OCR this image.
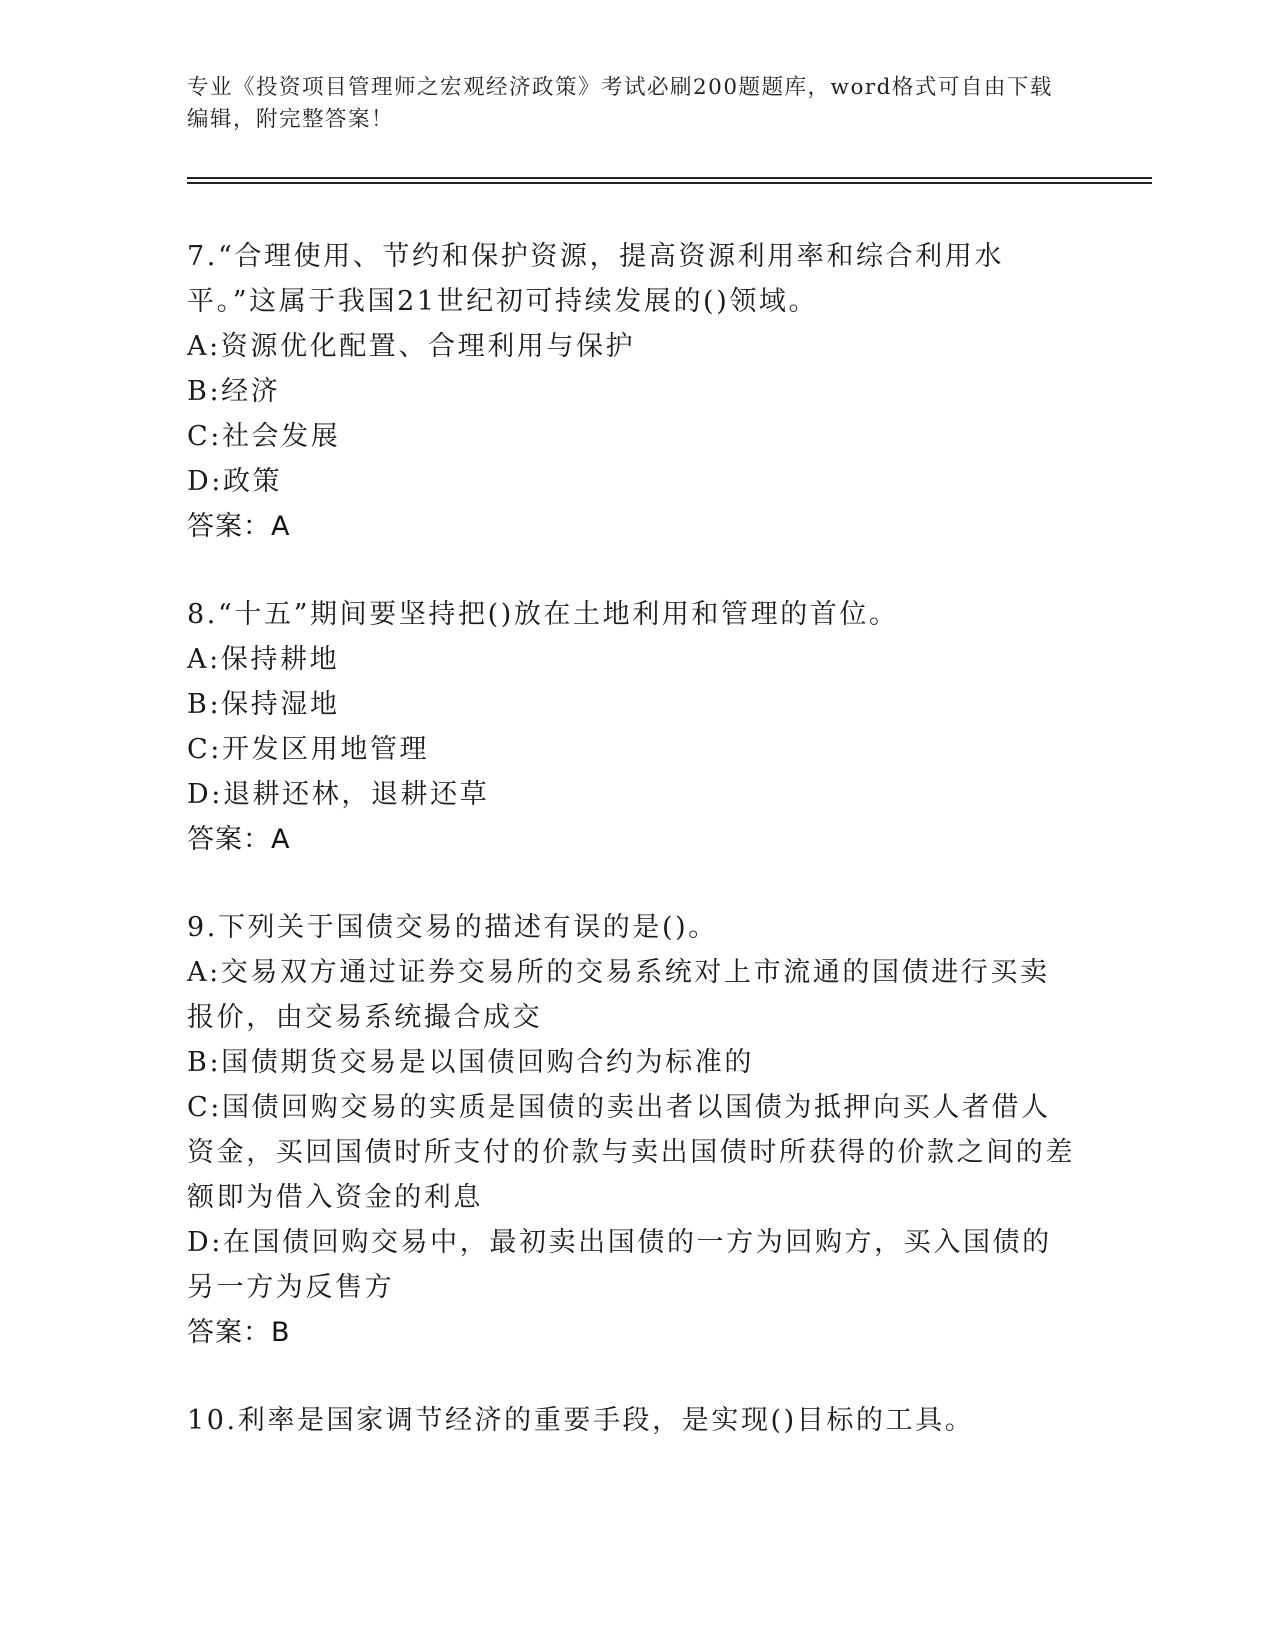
专业《投资项目管理师之宏观经济政策》考试必刷200题题库，word格式可自由下载编辑，附完整答案！

7.“合理使用、节约和保护资源，提高资源利用率和综合利用水平。”这属于我国21世纪初可持续发展的()领域。

A:资源优化配置、合理利用与保护

B:经济

C:社会发展

D:政策

答案：A

8.“十五”期间要坚持把()放在土地利用和管理的首位。

A:保持耕地

B:保持湿地

C:开发区用地管理

D:退耕还林，退耕还草

答案：A

9.下列关于国债交易的描述有误的是()。

A:交易双方通过证券交易所的交易系统对上市流通的国债进行买卖报价，由交易系统撮合成交

B:国债期货交易是以国债回购合约为标准的

C:国债回购交易的实质是国债的卖出者以国债为抵押向买人者借人资金，买回国债时所支付的价款与卖出国债时所获得的价款之间的差额即为借入资金的利息

D:在国债回购交易中，最初卖出国债的一方为回购方，买入国债的另一方为反售方

答案：B

10.利率是国家调节经济的重要手段，是实现()目标的工具。
